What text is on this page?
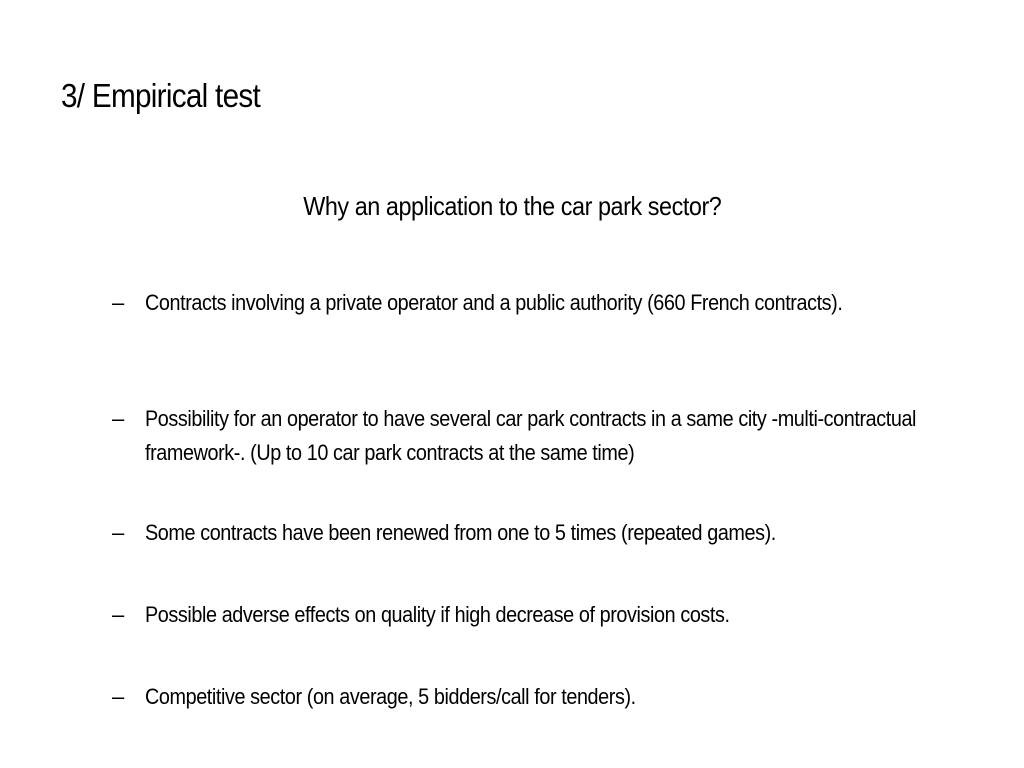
3/ Empirical test
Why an application to the car park sector?
– Contracts involving a private operator and a public authority (660 French contracts).
– Possibility for an operator to have several car park contracts in a same city -multi-contractual framework-. (Up to 10 car park contracts at the same time)
– Some contracts have been renewed from one to 5 times (repeated games).
– Possible adverse effects on quality if high decrease of provision costs.
– Competitive sector (on average, 5 bidders/call for tenders).
